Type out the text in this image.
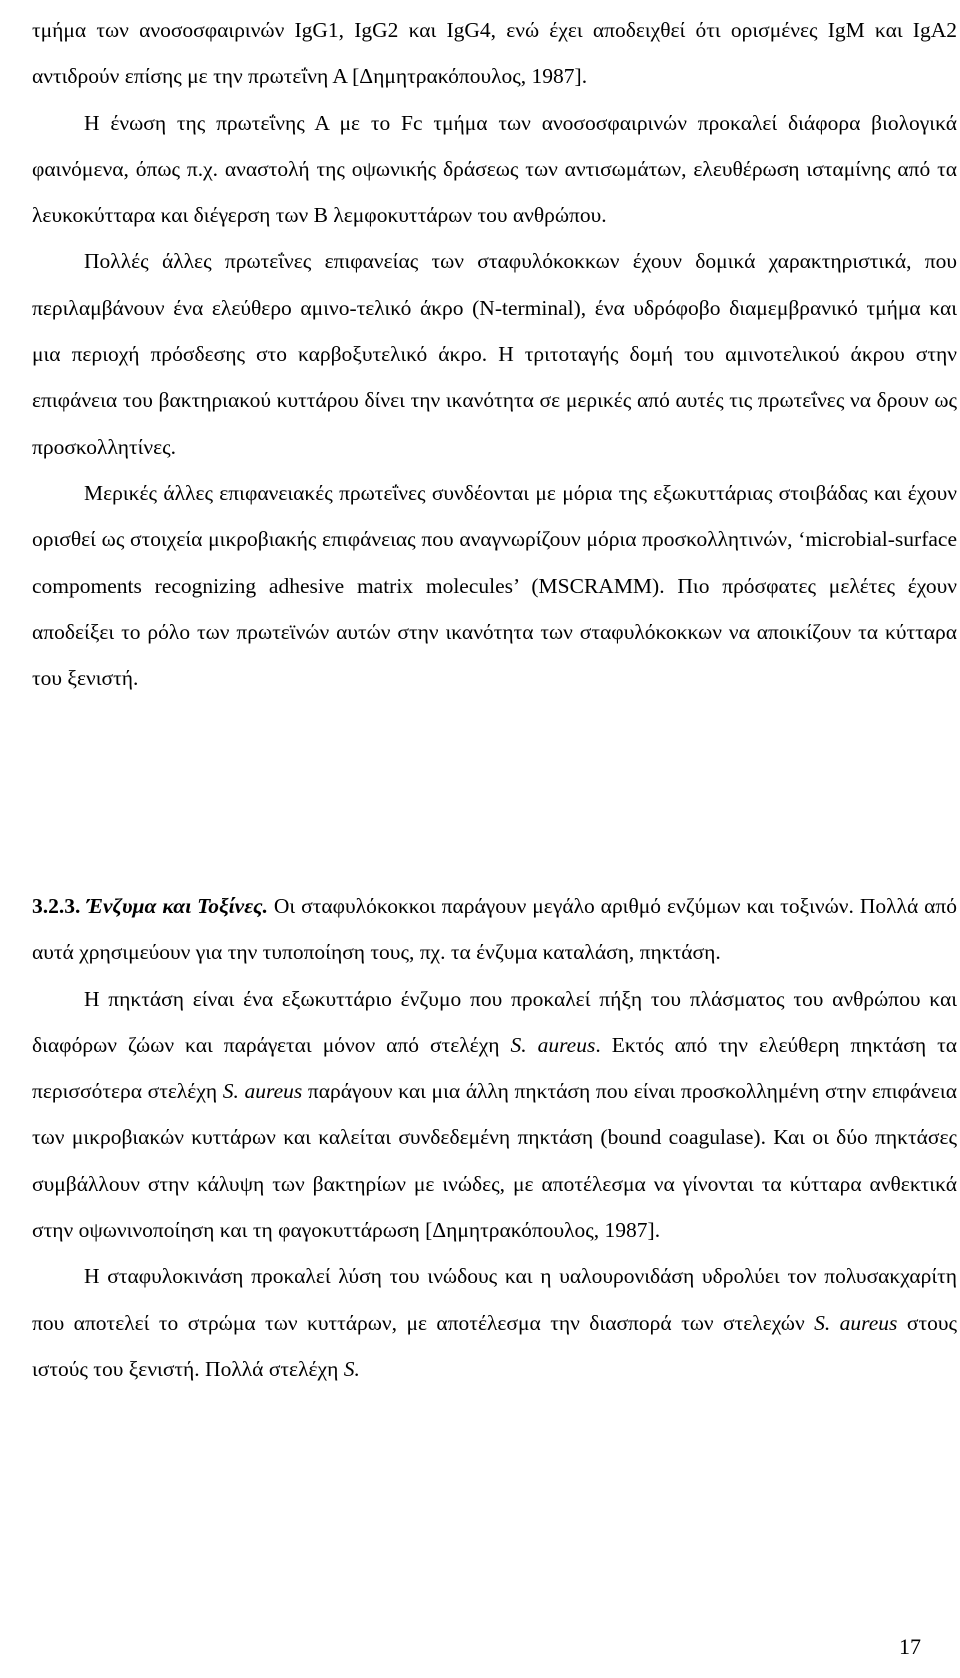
τμήμα των ανοσοσφαιρινών IgG1, IgG2 και IgG4, ενώ έχει αποδειχθεί ότι ορισμένες IgM και IgA2 αντιδρούν επίσης με την πρωτεΐνη Α [Δημητρακόπουλος, 1987].

Η ένωση της πρωτεΐνης Α με το Fc τμήμα των ανοσοσφαιρινών προκαλεί διάφορα βιολογικά φαινόμενα, όπως π.χ. αναστολή της οψωνικής δράσεως των αντισωμάτων, ελευθέρωση ισταμίνης από τα λευκοκύτταρα και διέγερση των Β λεμφοκυττάρων του ανθρώπου.

Πολλές άλλες πρωτεΐνες επιφανείας των σταφυλόκοκκων έχουν δομικά χαρακτηριστικά, που περιλαμβάνουν ένα ελεύθερο αμινο-τελικό άκρο (N-terminal), ένα υδρόφοβο διαμεμβρανικό τμήμα και μια περιοχή πρόσδεσης στο καρβοξυτελικό άκρο. Η τριτοταγής δομή του αμινοτελικού άκρου στην επιφάνεια του βακτηριακού κυττάρου δίνει την ικανότητα σε μερικές από αυτές τις πρωτεΐνες να δρουν ως προσκολλητίνες.

Μερικές άλλες επιφανειακές πρωτεΐνες συνδέονται με μόρια της εξωκυττάριας στοιβάδας και έχουν ορισθεί ως στοιχεία μικροβιακής επιφάνειας που αναγνωρίζουν μόρια προσκολλητινών, ‘microbial-surface compoments recognizing adhesive matrix molecules’ (MSCRAMM). Πιο πρόσφατες μελέτες έχουν αποδείξει το ρόλο των πρωτεϊνών αυτών στην ικανότητα των σταφυλόκοκκων να αποικίζουν τα κύτταρα του ξενιστή.

3.2.3. Ένζυμα και Τοξίνες. Οι σταφυλόκοκκοι παράγουν μεγάλο αριθμό ενζύμων και τοξινών. Πολλά από αυτά χρησιμεύουν για την τυποποίηση τους, πχ. τα ένζυμα καταλάση, πηκτάση.

Η πηκτάση είναι ένα εξωκυττάριο ένζυμο που προκαλεί πήξη του πλάσματος του ανθρώπου και διαφόρων ζώων και παράγεται μόνον από στελέχη S. aureus. Εκτός από την ελεύθερη πηκτάση τα περισσότερα στελέχη S. aureus παράγουν και μια άλλη πηκτάση που είναι προσκολλημένη στην επιφάνεια των μικροβιακών κυττάρων και καλείται συνδεδεμένη πηκτάση (bound coagulase). Και οι δύο πηκτάσες συμβάλλουν στην κάλυψη των βακτηρίων με ινώδες, με αποτέλεσμα να γίνονται τα κύτταρα ανθεκτικά στην οψωνινοποίηση και τη φαγοκυττάρωση [Δημητρακόπουλος, 1987].

Η σταφυλοκινάση προκαλεί λύση του ινώδους και η υαλουρονιδάση υδρολύει τον πολυσακχαρίτη που αποτελεί το στρώμα των κυττάρων, με αποτέλεσμα την διασπορά των στελεχών S. aureus στους ιστούς του ξενιστή. Πολλά στελέχη S.

17
